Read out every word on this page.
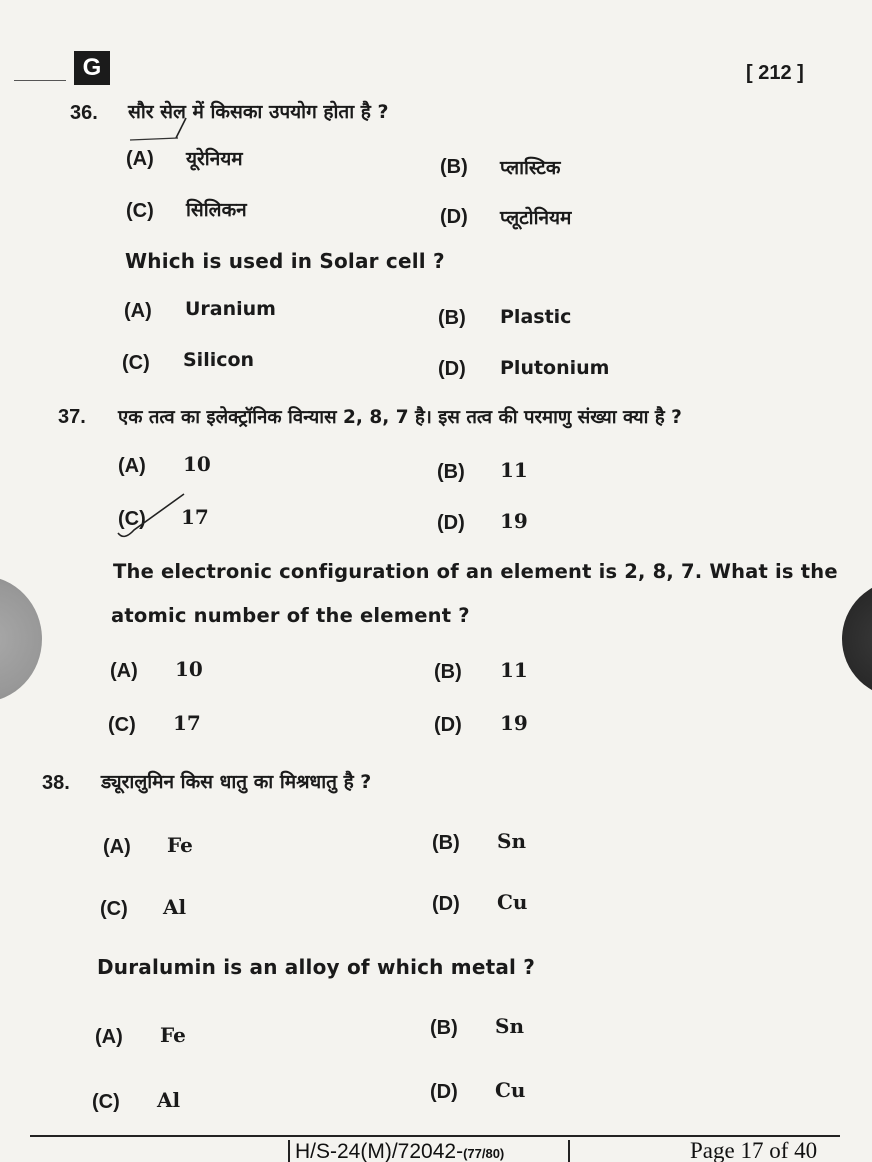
G	[ 212 ]
36. सौर सेल में किसका उपयोग होता है ?
(A) यूरेनियम	(B) प्लास्टिक
(C) सिलिकन	(D) प्लूटोनियम
Which is used in Solar cell ?
(A) Uranium	(B) Plastic
(C) Silicon	(D) Plutonium
37. एक तत्व का इलेक्ट्रॉनिक विन्यास 2, 8, 7 है। इस तत्व की परमाणु संख्या क्या है ?
(A) 10	(B) 11
(C) 17	(D) 19
The electronic configuration of an element is 2, 8, 7. What is the
atomic number of the element ?
(A) 10	(B) 11
(C) 17	(D) 19
38. ड्यूरालुमिन किस धातु का मिश्रधातु है ?
(A) Fe	(B) Sn
(C) Al	(D) Cu
Duralumin is an alloy of which metal ?
(A) Fe	(B) Sn
(C) Al	(D) Cu
H/S-24(M)/72042-(77/80)	Page 17 of 40
